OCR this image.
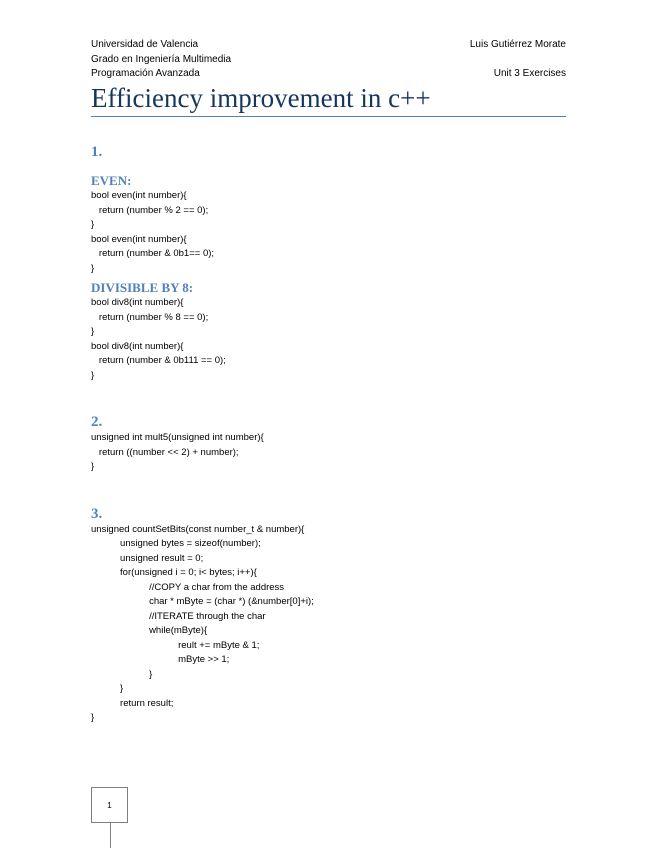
Universidad de Valencia
Grado en Ingeniería Multimedia
Programación Avanzada
Luis Gutiérrez Morate
Unit 3 Exercises
Efficiency improvement in c++
1.
EVEN:
bool even(int number){
return (number % 2 == 0);
}
bool even(int number){
return (number & 0b1== 0);
}
DIVISIBLE BY 8:
bool div8(int number){
return (number % 8 == 0);
}
bool div8(int number){
return (number & 0b111 == 0);
}
2.
unsigned int mult5(unsigned int number){
return ((number << 2) + number);
}
3.
unsigned countSetBits(const number_t & number){
unsigned bytes = sizeof(number);
unsigned result = 0;
for(unsigned i = 0; i< bytes; i++){
//COPY a char from the address
char * mByte = (char *) (&number[0]+i);
//ITERATE through the char
while(mByte){
reult += mByte & 1;
mByte >> 1;
}
}
return result;
}
1
